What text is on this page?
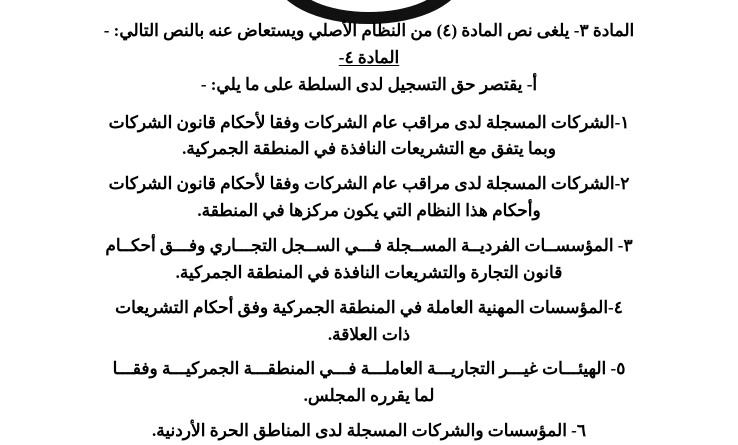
المادة ٣- يلغى نص المادة (٤) من النظام الأصلي ويستعاض عنه بالنص التالي: -
المادة ٤-
أ- يقتصر حق التسجيل لدى السلطة على ما يلي: -
١-الشركات المسجلة لدى مراقب عام الشركات وفقا لأحكام قانون الشركات
وبما يتفق مع التشريعات النافذة في المنطقة الجمركية.
٢-الشركات المسجلة لدى مراقب عام الشركات وفقا لأحكام قانون الشركات
وأحكام هذا النظام التي يكون مركزها في المنطقة.
٣- المؤسســات الفرديــة المســجلة فـــي الســجل التجـــاري وفـــق أحكــام
قانون التجارة والتشريعات النافذة في المنطقة الجمركية.
٤-المؤسسات المهنية العاملة في المنطقة الجمركية وفق أحكام التشريعات
ذات العلاقة.
٥- الهيئـــات غيـــر التجاريـــة العاملـــة فـــي المنطقـــة الجمركيـــة وفقـــا
لما يقرره المجلس.
٦- المؤسسات والشركات المسجلة لدى المناطق الحرة الأردنية.
